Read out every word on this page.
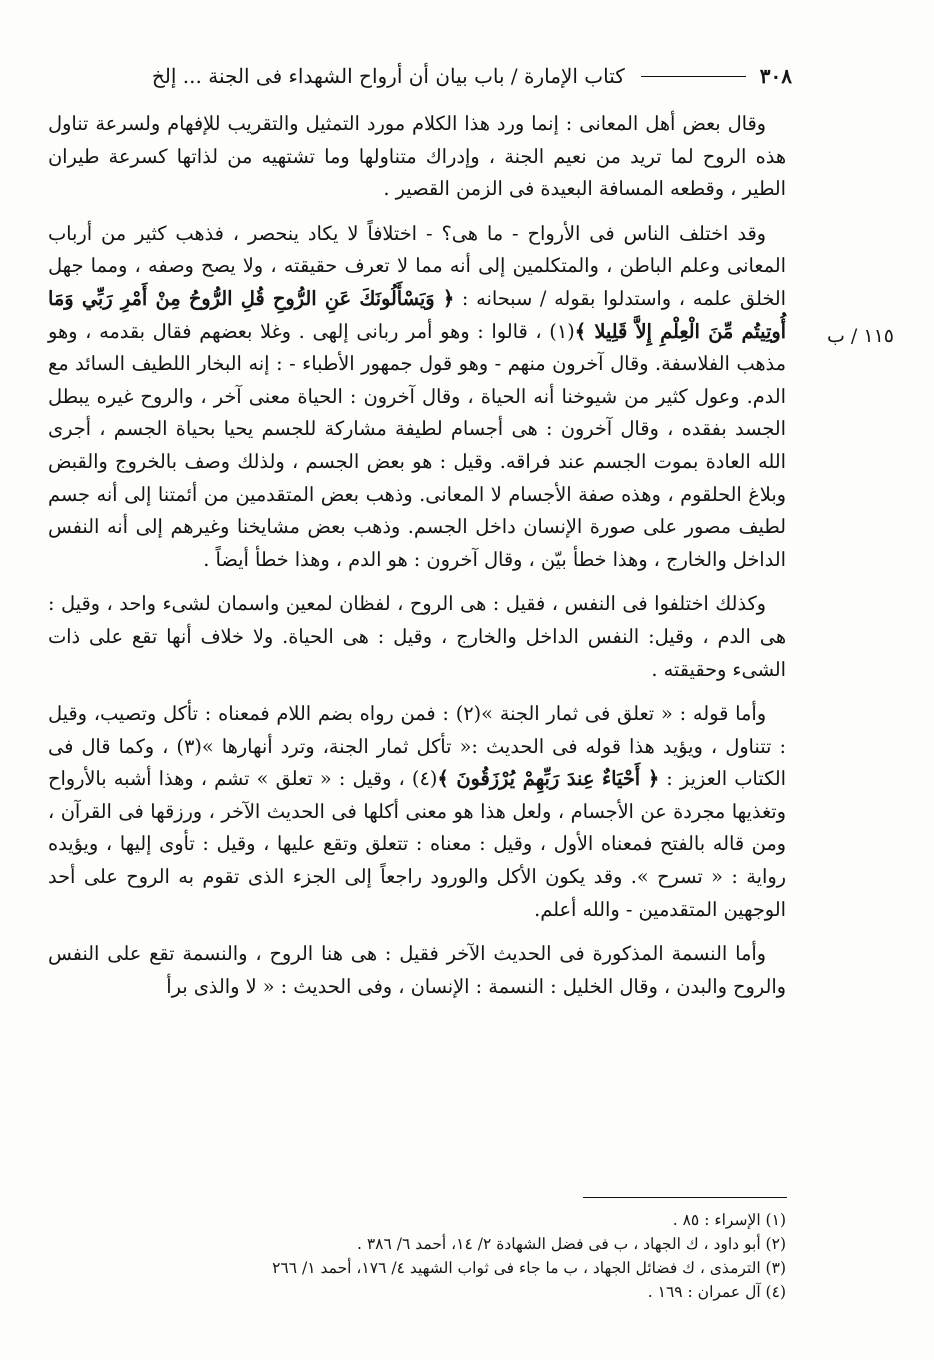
٣٠٨
كتاب الإمارة / باب بيان أن أرواح الشهداء فى الجنة ... إلخ
١١٥ / ب

وقال بعض أهل المعانى : إنما ورد هذا الكلام مورد التمثيل والتقريب للإفهام ولسرعة تناول هذه الروح لما تريد من نعيم الجنة ، وإدراك متناولها وما تشتهيه من لذاتها كسرعة طيران الطير ، وقطعه المسافة البعيدة فى الزمن القصير .

وقد اختلف الناس فى الأرواح - ما هى؟ - اختلافاً لا يكاد ينحصر ، فذهب كثير من أرباب المعانى وعلم الباطن ، والمتكلمين إلى أنه مما لا تعرف حقيقته ، ولا يصح وصفه ، ومما جهل الخلق علمه ، واستدلوا بقوله / سبحانه : ﴿ وَيَسْأَلُونَكَ عَنِ الرُّوحِ قُلِ الرُّوحُ مِنْ أَمْرِ رَبِّي وَمَا أُوتِيتُم مِّنَ الْعِلْمِ إِلاَّ قَلِيلا ﴾(١) ، قالوا : وهو أمر ربانى إلهى . وغلا بعضهم فقال بقدمه ، وهو مذهب الفلاسفة. وقال آخرون منهم - وهو قول جمهور الأطباء - : إنه البخار اللطيف السائد مع الدم. وعول كثير من شيوخنا أنه الحياة ، وقال آخرون : الحياة معنى آخر ، والروح غيره يبطل الجسد بفقده ، وقال آخرون : هى أجسام لطيفة مشاركة للجسم يحيا بحياة الجسم ، أجرى الله العادة بموت الجسم عند فراقه. وقيل : هو بعض الجسم ، ولذلك وصف بالخروج والقبض وبلاغ الحلقوم ، وهذه صفة الأجسام لا المعانى. وذهب بعض المتقدمين من أئمتنا إلى أنه جسم لطيف مصور على صورة الإنسان داخل الجسم. وذهب بعض مشايخنا وغيرهم إلى أنه النفس الداخل والخارج ، وهذا خطأ بيّن ، وقال آخرون : هو الدم ، وهذا خطأ أيضاً .

وكذلك اختلفوا فى النفس ، فقيل : هى الروح ، لفظان لمعين واسمان لشىء واحد ، وقيل : هى الدم ، وقيل: النفس الداخل والخارج ، وقيل : هى الحياة. ولا خلاف أنها تقع على ذات الشىء وحقيقته .

وأما قوله : « تعلق فى ثمار الجنة »(٢) : فمن رواه بضم اللام فمعناه : تأكل وتصيب، وقيل : تتناول ، ويؤيد هذا قوله فى الحديث :« تأكل ثمار الجنة، وترد أنهارها »(٣) ، وكما قال فى الكتاب العزيز : ﴿ أَحْيَاءٌ عِندَ رَبِّهِمْ يُرْزَقُونَ ﴾(٤) ، وقيل : « تعلق » تشم ، وهذا أشبه بالأرواح وتغذيها مجردة عن الأجسام ، ولعل هذا هو معنى أكلها فى الحديث الآخر ، ورزقها فى القرآن ، ومن قاله بالفتح فمعناه الأول ، وقيل : معناه : تتعلق وتقع عليها ، وقيل : تأوى إليها ، ويؤيده رواية : « تسرح ». وقد يكون الأكل والورود راجعاً إلى الجزء الذى تقوم به الروح على أحد الوجهين المتقدمين - والله أعلم.

وأما النسمة المذكورة فى الحديث الآخر فقيل : هى هنا الروح ، والنسمة تقع على النفس والروح والبدن ، وقال الخليل : النسمة : الإنسان ، وفى الحديث : « لا والذى برأ

(١) الإسراء : ٨٥ .
(٢) أبو داود ، ك الجهاد ، ب فى فضل الشهادة ٢/ ١٤، أحمد ٦/ ٣٨٦ .
(٣) الترمذى ، ك فضائل الجهاد ، ب ما جاء فى ثواب الشهيد ٤/ ١٧٦، أحمد ١/ ٢٦٦
(٤) آل عمران : ١٦٩ .
